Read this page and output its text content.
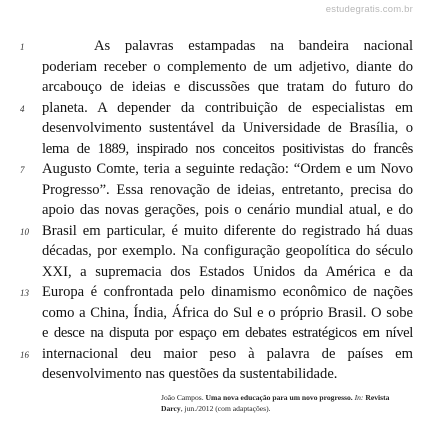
estudegratis.com.br
1
4
7
10
13
16
As palavras estampadas na bandeira nacional
poderiam receber o complemento de um adjetivo, diante do
arcabouço de ideias e discussões que tratam do futuro do
planeta. A depender da contribuição de especialistas em
desenvolvimento sustentável da Universidade de Brasília, o
lema de 1889, inspirado nos conceitos positivistas do francês
Augusto Comte, teria a seguinte redação: “Ordem e um Novo
Progresso”. Essa renovação de ideias, entretanto, precisa do
apoio das novas gerações, pois o cenário mundial atual, e do
Brasil em particular, é muito diferente do registrado há duas
décadas, por exemplo. Na configuração geopolítica do século
XXI, a supremacia dos Estados Unidos da América e da
Europa é confrontada pelo dinamismo econômico de nações
como a China, Índia, África do Sul e o próprio Brasil. O sobe
e desce na disputa por espaço em debates estratégicos em nível
internacional deu maior peso à palavra de países em
desenvolvimento nas questões da sustentabilidade.
João Campos. Uma nova educação para um novo progresso. In: Revista Darcy, jun./2012 (com adaptações).
